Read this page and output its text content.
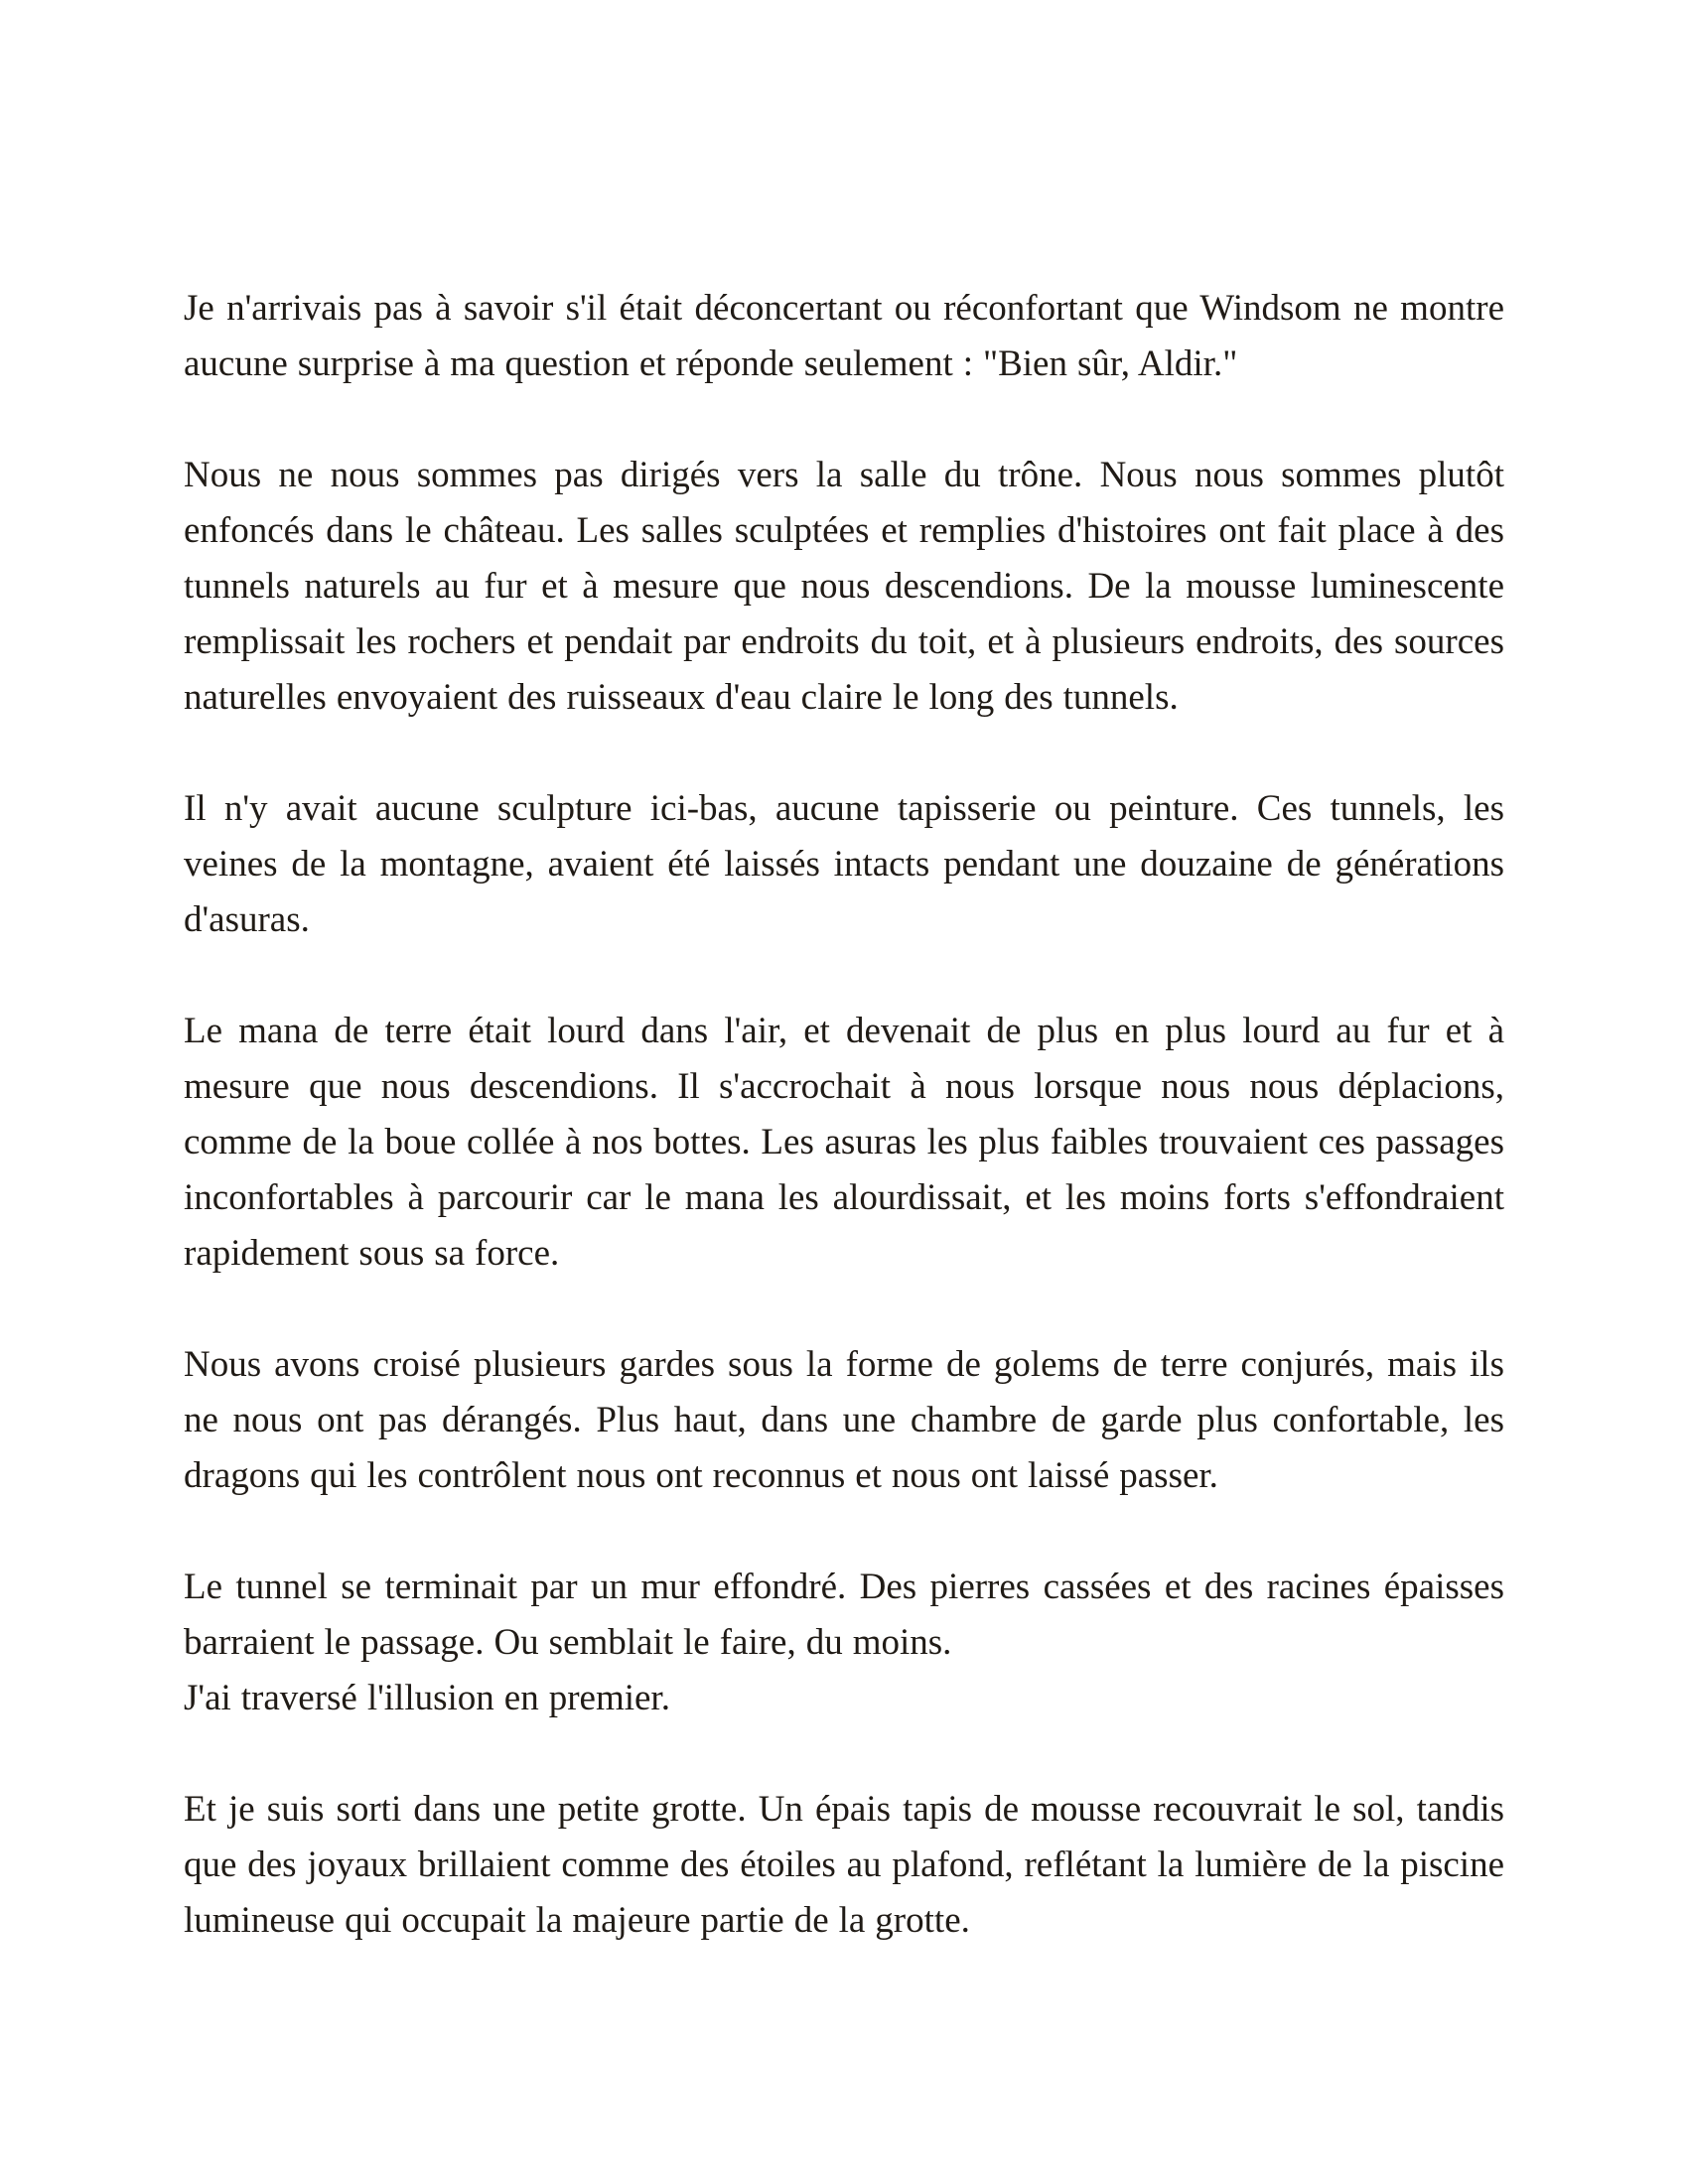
Je n'arrivais pas à savoir s'il était déconcertant ou réconfortant que Windsom ne montre aucune surprise à ma question et réponde seulement : "Bien sûr, Aldir."

Nous ne nous sommes pas dirigés vers la salle du trône. Nous nous sommes plutôt enfoncés dans le château. Les salles sculptées et remplies d'histoires ont fait place à des tunnels naturels au fur et à mesure que nous descendions. De la mousse luminescente remplissait les rochers et pendait par endroits du toit, et à plusieurs endroits, des sources naturelles envoyaient des ruisseaux d'eau claire le long des tunnels.

Il n'y avait aucune sculpture ici-bas, aucune tapisserie ou peinture. Ces tunnels, les veines de la montagne, avaient été laissés intacts pendant une douzaine de générations d'asuras.

Le mana de terre était lourd dans l'air, et devenait de plus en plus lourd au fur et à mesure que nous descendions. Il s'accrochait à nous lorsque nous nous déplacions, comme de la boue collée à nos bottes. Les asuras les plus faibles trouvaient ces passages inconfortables à parcourir car le mana les alourdissait, et les moins forts s'effondraient rapidement sous sa force.

Nous avons croisé plusieurs gardes sous la forme de golems de terre conjurés, mais ils ne nous ont pas dérangés. Plus haut, dans une chambre de garde plus confortable, les dragons qui les contrôlent nous ont reconnus et nous ont laissé passer.

Le tunnel se terminait par un mur effondré. Des pierres cassées et des racines épaisses barraient le passage. Ou semblait le faire, du moins.

J'ai traversé l'illusion en premier.

Et je suis sorti dans une petite grotte. Un épais tapis de mousse recouvrait le sol, tandis que des joyaux brillaient comme des étoiles au plafond, reflétant la lumière de la piscine lumineuse qui occupait la majeure partie de la grotte.
